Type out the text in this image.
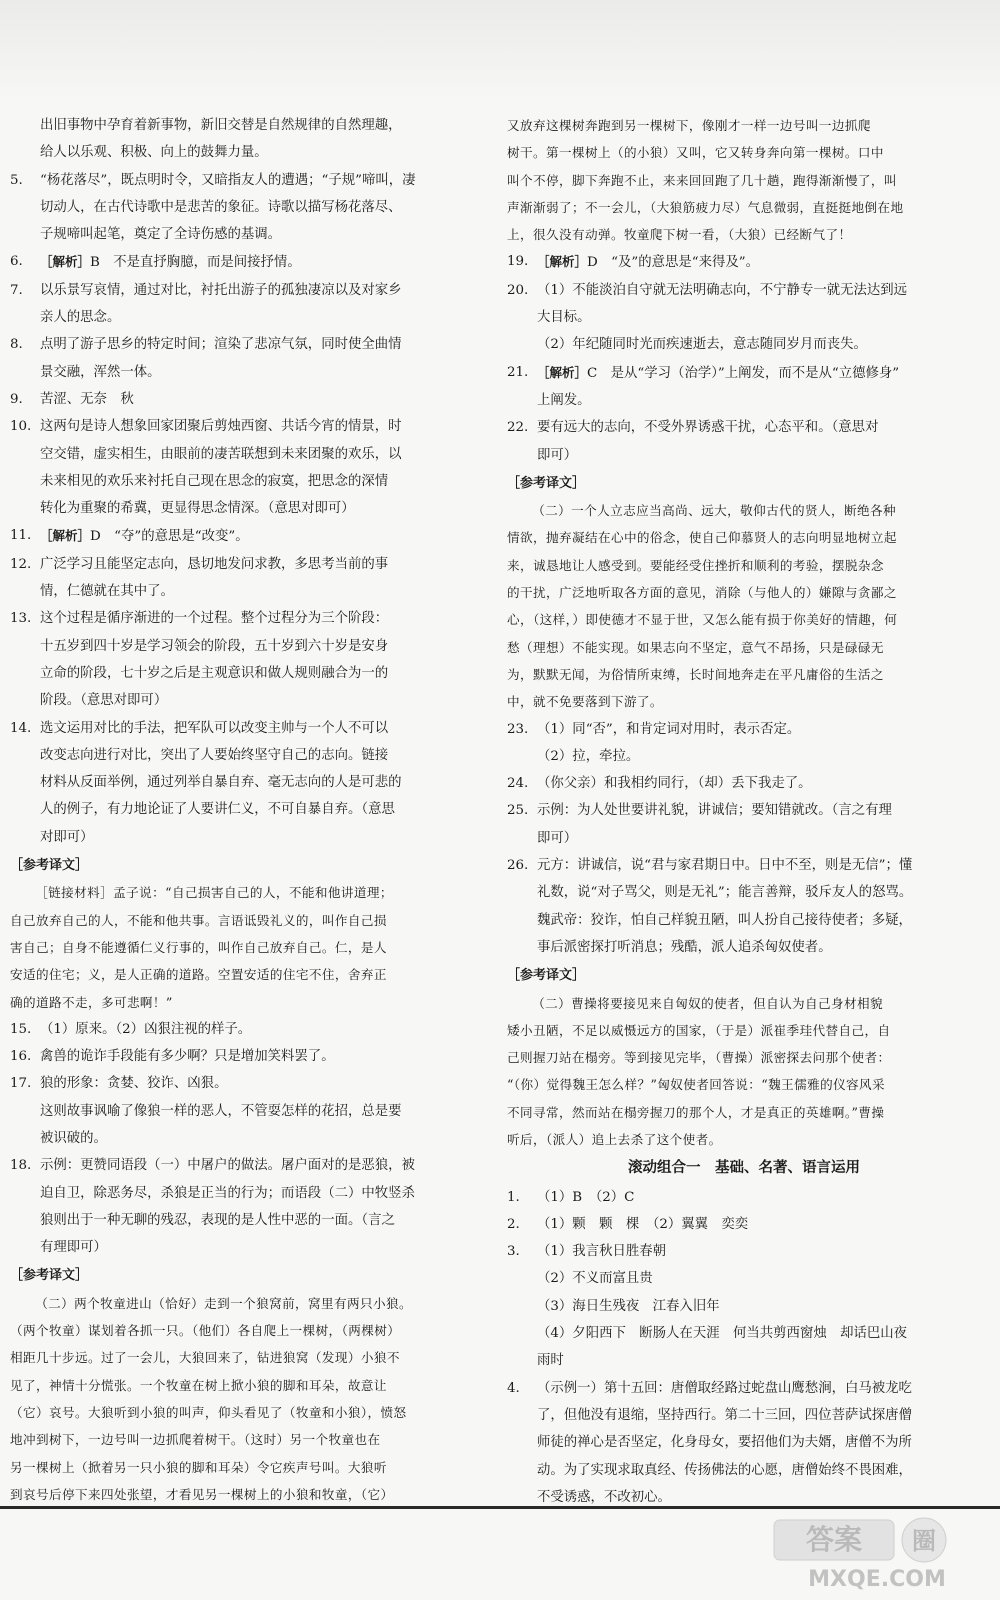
出旧事物中孕育着新事物，新旧交替是自然规律的自然理趣，
给人以乐观、积极、向上的鼓舞力量。
5.	“杨花落尽”，既点明时令，又暗指友人的遭遇；“子规”啼叫，凄
切动人，在古代诗歌中是悲苦的象征。诗歌以描写杨花落尽、
子规啼叫起笔，奠定了全诗伤感的基调。
6.	［解析］B　不是直抒胸臆，而是间接抒情。
7.	以乐景写哀情，通过对比，衬托出游子的孤独凄凉以及对家乡
亲人的思念。
8.	点明了游子思乡的特定时间；渲染了悲凉气氛，同时使全曲情
景交融，浑然一体。
9.	苦涩、无奈　秋
10. 这两句是诗人想象回家团聚后剪烛西窗、共话今宵的情景，时
空交错，虚实相生，由眼前的凄苦联想到未来团聚的欢乐，以
未来相见的欢乐来衬托自己现在思念的寂寞，把思念的深情
转化为重聚的希冀，更显得思念情深。（意思对即可）
11. ［解析］D　“夺”的意思是“改变”。
12. 广泛学习且能坚定志向，恳切地发问求教，多思考当前的事
情，仁德就在其中了。
13. 这个过程是循序渐进的一个过程。整个过程分为三个阶段：
十五岁到四十岁是学习领会的阶段，五十岁到六十岁是安身
立命的阶段，七十岁之后是主观意识和做人规则融合为一的
阶段。（意思对即可）
14. 选文运用对比的手法，把军队可以改变主帅与一个人不可以
改变志向进行对比，突出了人要始终坚守自己的志向。链接
材料从反面举例，通过列举自暴自弃、毫无志向的人是可悲的
人的例子，有力地论证了人要讲仁义，不可自暴自弃。（意思
对即可）
［参考译文］
［链接材料］孟子说：“自己损害自己的人，不能和他讲道理；
自己放弃自己的人，不能和他共事。言语诋毁礼义的，叫作自己损
害自己；自身不能遵循仁义行事的，叫作自己放弃自己。仁，是人
安适的住宅；义，是人正确的道路。空置安适的住宅不住，舍弃正
确的道路不走，多可悲啊！”
15. （1）原来。（2）凶狠注视的样子。
16. 禽兽的诡诈手段能有多少啊？只是增加笑料罢了。
17. 狼的形象：贪婪、狡诈、凶狠。
这则故事讽喻了像狼一样的恶人，不管耍怎样的花招，总是要
被识破的。
18. 示例：更赞同语段（一）中屠户的做法。屠户面对的是恶狼，被
迫自卫，除恶务尽，杀狼是正当的行为；而语段（二）中牧竖杀
狼则出于一种无聊的残忍，表现的是人性中恶的一面。（言之
有理即可）
［参考译文］
（二）两个牧童进山（恰好）走到一个狼窝前，窝里有两只小狼。
（两个牧童）谋划着各抓一只。（他们）各自爬上一棵树，（两棵树）
相距几十步远。过了一会儿，大狼回来了，钻进狼窝（发现）小狼不
见了，神情十分慌张。一个牧童在树上掀小狼的脚和耳朵，故意让
（它）哀号。大狼听到小狼的叫声，仰头看见了（牧童和小狼），愤怒
地冲到树下，一边号叫一边抓爬着树干。（这时）另一个牧童也在
另一棵树上（掀着另一只小狼的脚和耳朵）令它疾声号叫。大狼听
到哀号后停下来四处张望，才看见另一棵树上的小狼和牧童，（它）
又放弃这棵树奔跑到另一棵树下，像刚才一样一边号叫一边抓爬
树干。第一棵树上（的小狼）又叫，它又转身奔向第一棵树。口中
叫个不停，脚下奔跑不止，来来回回跑了几十趟，跑得渐渐慢了，叫
声渐渐弱了；不一会儿，（大狼筋疲力尽）气息微弱，直挺挺地倒在地
上，很久没有动弹。牧童爬下树一看，（大狼）已经断气了！
19. ［解析］D　“及”的意思是“来得及”。
20. （1）不能淡泊自守就无法明确志向，不宁静专一就无法达到远
大目标。
（2）年纪随同时光而疾速逝去，意志随同岁月而丧失。
21. ［解析］C　是从“学习（治学）”上阐发，而不是从“立德修身”
上阐发。
22. 要有远大的志向，不受外界诱惑干扰，心态平和。（意思对
即可）
［参考译文］
（二）一个人立志应当高尚、远大，敬仰古代的贤人，断绝各种
情欲，抛弃凝结在心中的俗念，使自己仰慕贤人的志向明显地树立起
来，诚恳地让人感受到。要能经受住挫折和顺利的考验，摆脱杂念
的干扰，广泛地听取各方面的意见，消除（与他人的）嫌隙与贪鄙之
心，（这样，）即使德才不显于世，又怎么能有损于你美好的情趣，何
愁（理想）不能实现。如果志向不坚定，意气不昂扬，只是碌碌无
为，默默无闻，为俗情所束缚，长时间地奔走在平凡庸俗的生活之
中，就不免要落到下游了。
23. （1）同“否”，和肯定词对用时，表示否定。
（2）拉，牵拉。
24. （你父亲）和我相约同行，（却）丢下我走了。
25. 示例：为人处世要讲礼貌，讲诚信；要知错就改。（言之有理
即可）
26. 元方：讲诚信，说“君与家君期日中。日中不至，则是无信”；懂
礼数，说“对子骂父，则是无礼”；能言善辩，驳斥友人的怒骂。
魏武帝：狡诈，怕自己样貌丑陋，叫人扮自己接待使者；多疑，
事后派密探打听消息；残酷，派人追杀匈奴使者。
［参考译文］
（二）曹操将要接见来自匈奴的使者，但自认为自己身材相貌
矮小丑陋，不足以威慑远方的国家，（于是）派崔季珪代替自己，自
己则握刀站在榻旁。等到接见完毕，（曹操）派密探去问那个使者：
“（你）觉得魏王怎么样？”匈奴使者回答说：“魏王儒雅的仪容风采
不同寻常，然而站在榻旁握刀的那个人，才是真正的英雄啊。”曹操
听后，（派人）追上去杀了这个使者。
滚动组合一　基础、名著、语言运用
1.	（1）B　（2）C
2.	（1）颗　颗　棵　（2）翼翼　奕奕
3.	（1）我言秋日胜春朝
（2）不义而富且贵
（3）海日生残夜　江春入旧年
（4）夕阳西下　断肠人在天涯　何当共剪西窗烛　却话巴山夜
雨时
4.	（示例一）第十五回：唐僧取经路过蛇盘山鹰愁涧，白马被龙吃
了，但他没有退缩，坚持西行。第二十三回，四位菩萨试探唐僧
师徒的禅心是否坚定，化身母女，要招他们为夫婿，唐僧不为所
动。为了实现求取真经、传扬佛法的心愿，唐僧始终不畏困难，
不受诱惑，不改初心。
答案 圈
MXQE.COM
